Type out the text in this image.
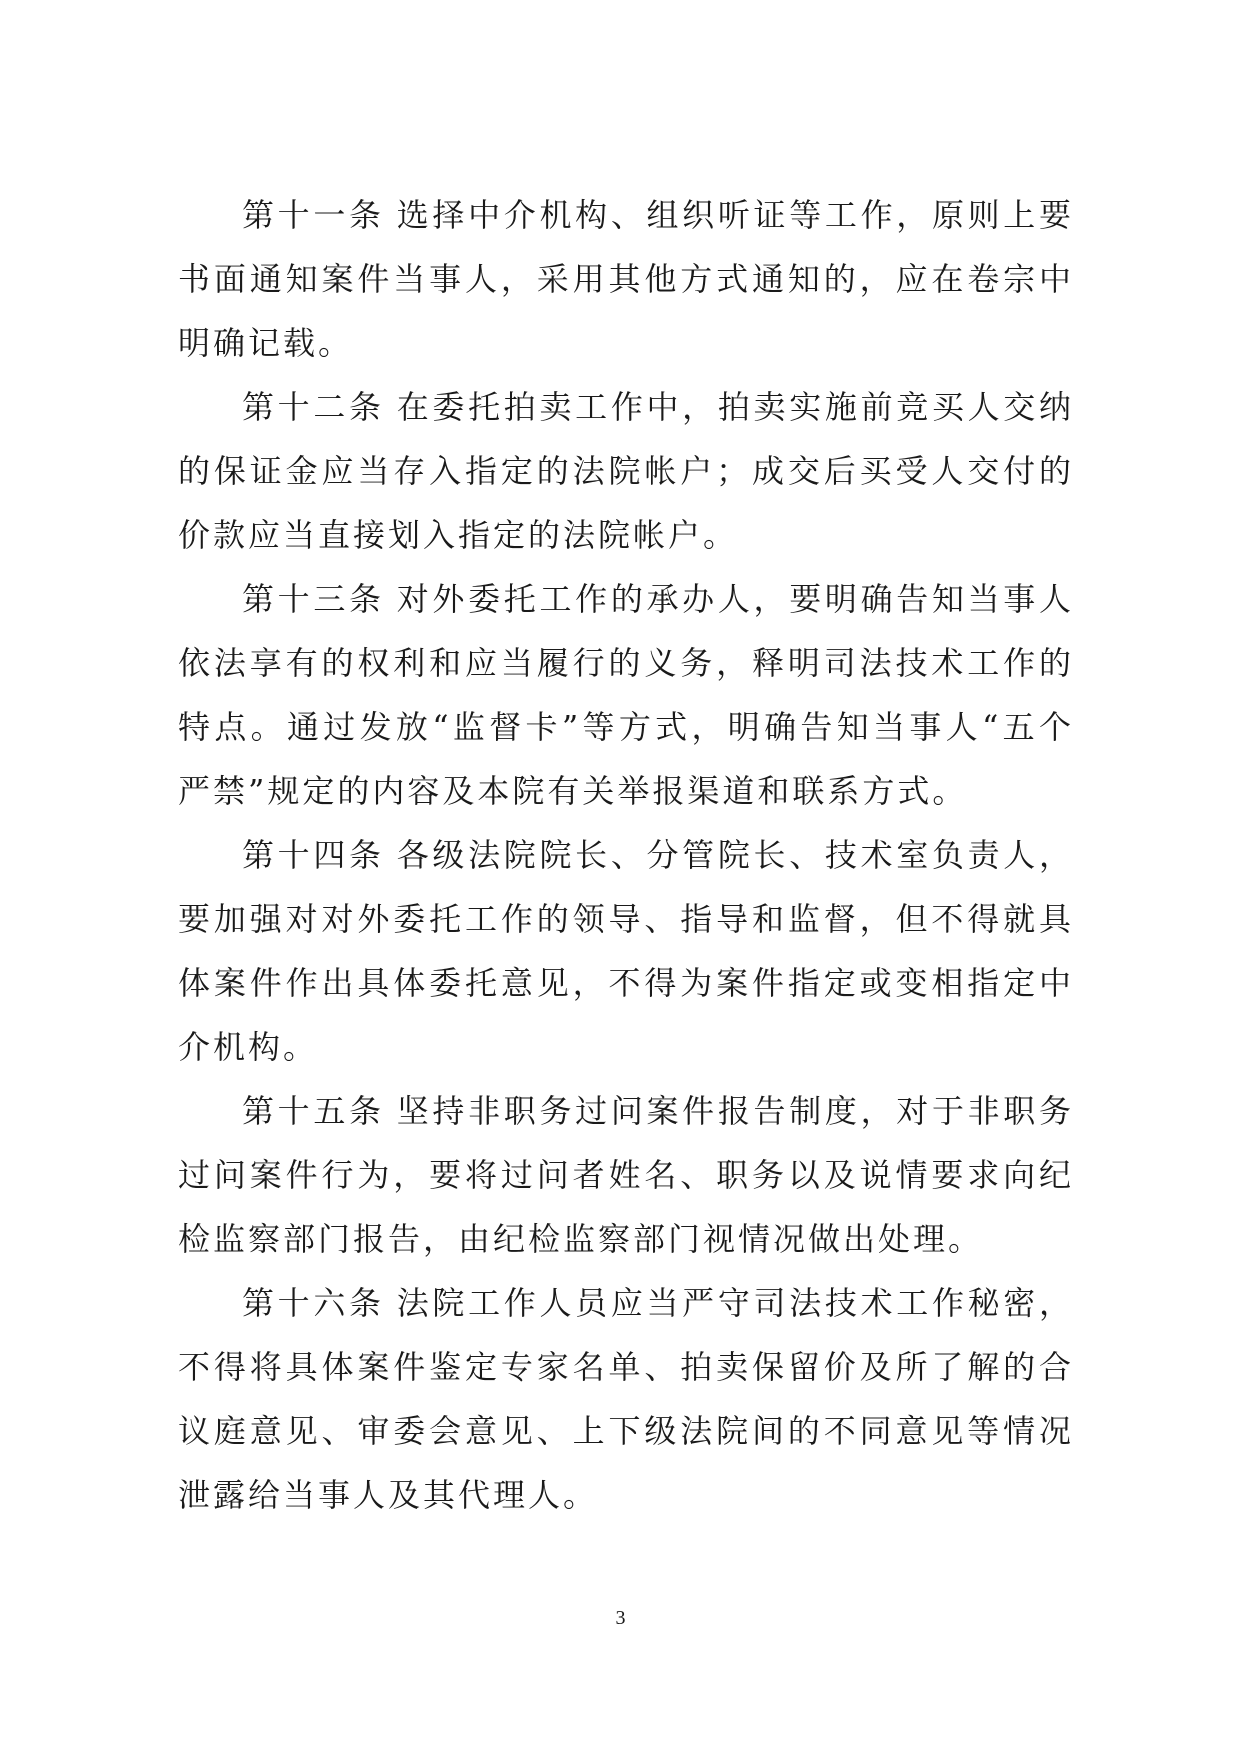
第十一条 选择中介机构、组织听证等工作，原则上要书面通知案件当事人，采用其他方式通知的，应在卷宗中明确记载。

第十二条 在委托拍卖工作中，拍卖实施前竞买人交纳的保证金应当存入指定的法院帐户；成交后买受人交付的价款应当直接划入指定的法院帐户。

第十三条 对外委托工作的承办人，要明确告知当事人依法享有的权利和应当履行的义务，释明司法技术工作的特点。通过发放“监督卡”等方式，明确告知当事人“五个严禁”规定的内容及本院有关举报渠道和联系方式。

第十四条 各级法院院长、分管院长、技术室负责人，要加强对对外委托工作的领导、指导和监督，但不得就具体案件作出具体委托意见，不得为案件指定或变相指定中介机构。

第十五条 坚持非职务过问案件报告制度，对于非职务过问案件行为，要将过问者姓名、职务以及说情要求向纪检监察部门报告，由纪检监察部门视情况做出处理。

第十六条 法院工作人员应当严守司法技术工作秘密，不得将具体案件鉴定专家名单、拍卖保留价及所了解的合议庭意见、审委会意见、上下级法院间的不同意见等情况泄露给当事人及其代理人。

3
